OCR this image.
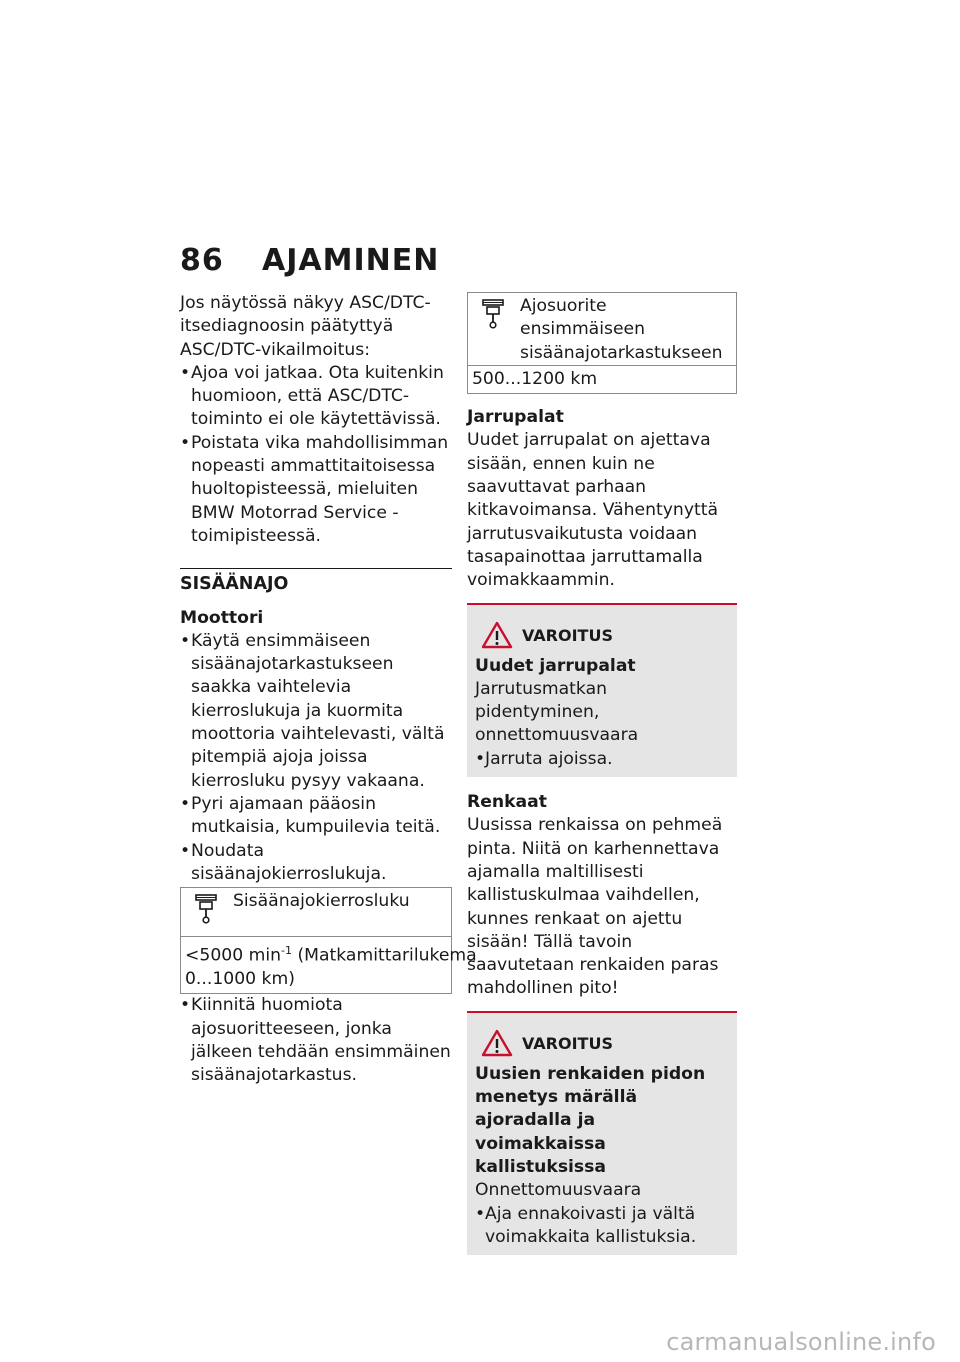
86 AJAMINEN

Jos näytössä näkyy ASC/DTC-itsediagnoosin päätyttyä ASC/DTC-vikailmoitus:

• Ajoa voi jatkaa. Ota kuitenkin huomioon, että ASC/DTC-toiminto ei ole käytettävissä.
• Poistata vika mahdollisimman nopeasti ammattitaitoisessa huoltopisteessä, mieluiten BMW Motorrad Service -toimipisteessä.
SISÄÄNAJO
Moottori
• Käytä ensimmäiseen sisäänajotarkastukseen saakka vaihtelevia kierroslukuja ja kuormita moottoria vaihtelevasti, vältä pitempiä ajoja joissa kierrosluku pysyy vakaana.
• Pyri ajamaan pääosin mutkaisia, kumpuilevia teitä.
• Noudata sisäänajokierroslukuja.
Sisäänajokierrosluku
<5000 $\min^{-1}$ (Matkamittarilukema
0...1000 km)
• Kiinnitä huomiota ajosuoritteeseen, jonka jälkeen tehdään ensimmäinen sisäänajotarkastus.
Ajosuorite ensimmäiseen sisäänajotarkastukseen
500...1200 km
Jarrupalat

Uudet jarrupalat on ajettava sisään, ennen kuin ne saavuttavat parhaan kitkavoimansa. Vähentynyttä jarrutusvaikutusta voidaan tasapainottaa jarruttamalla voimakkaammin.

VAROITUS
Uudet jarrupalat
Jarrutusmatkan pidentyminen, onnettomuusvaara
• Jarruta ajoissa.
Renkaat

Uusissa renkaissa on pehmeä pinta. Niitä on karhennettava ajamalla maltillisesti kallistuskulmaa vaihdellen, kunnes renkaat on ajettu sisään! Tällä tavoin saavutetaan renkaiden paras mahdollinen pito!

VAROITUS
Uusien renkaiden pidon menetys märällä ajoradalla ja voimakkaissa kallistuksissa
Onnettomuusvaara
• Aja ennakoivasti ja vältä voimakkaita kallistuksia.
carmanualsonline.info
